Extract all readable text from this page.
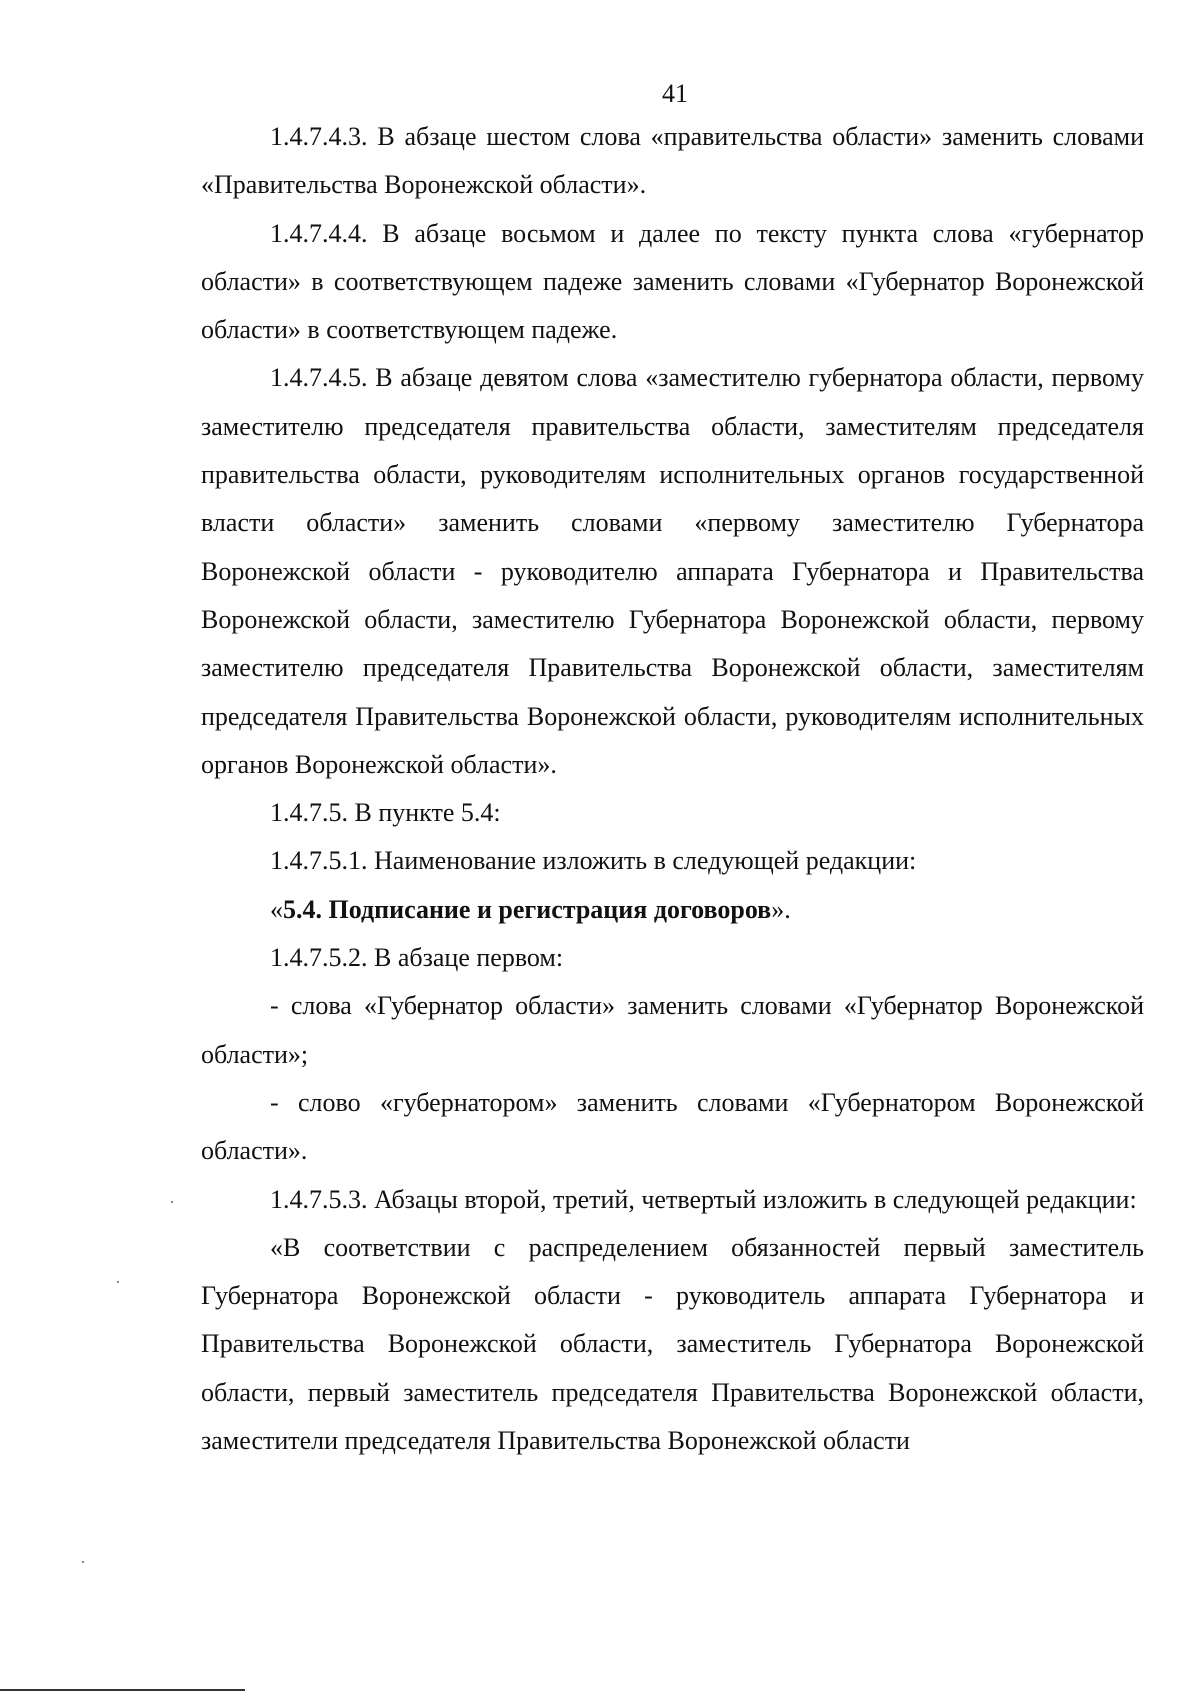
41

1.4.7.4.3. В абзаце шестом слова «правительства области» заменить словами «Правительства Воронежской области».

1.4.7.4.4. В абзаце восьмом и далее по тексту пункта слова «губернатор области» в соответствующем падеже заменить словами «Губернатор Воронежской области» в соответствующем падеже.

1.4.7.4.5. В абзаце девятом слова «заместителю губернатора области, первому заместителю председателя правительства области, заместителям председателя правительства области, руководителям исполнительных органов государственной власти области» заменить словами «первому заместителю Губернатора Воронежской области - руководителю аппарата Губернатора и Правительства Воронежской области, заместителю Губернатора Воронежской области, первому заместителю председателя Правительства Воронежской области, заместителям председателя Правительства Воронежской области, руководителям исполнительных органов Воронежской области».

1.4.7.5. В пункте 5.4:

1.4.7.5.1. Наименование изложить в следующей редакции:

«5.4. Подписание и регистрация договоров».

1.4.7.5.2. В абзаце первом:

- слова «Губернатор области» заменить словами «Губернатор Воронежской области»;

- слово «губернатором» заменить словами «Губернатором Воронежской области».

1.4.7.5.3. Абзацы второй, третий, четвертый изложить в следующей редакции:

«В соответствии с распределением обязанностей первый заместитель Губернатора Воронежской области - руководитель аппарата Губернатора и Правительства Воронежской области, заместитель Губернатора Воронежской области, первый заместитель председателя Правительства Воронежской области, заместители председателя Правительства Воронежской области
